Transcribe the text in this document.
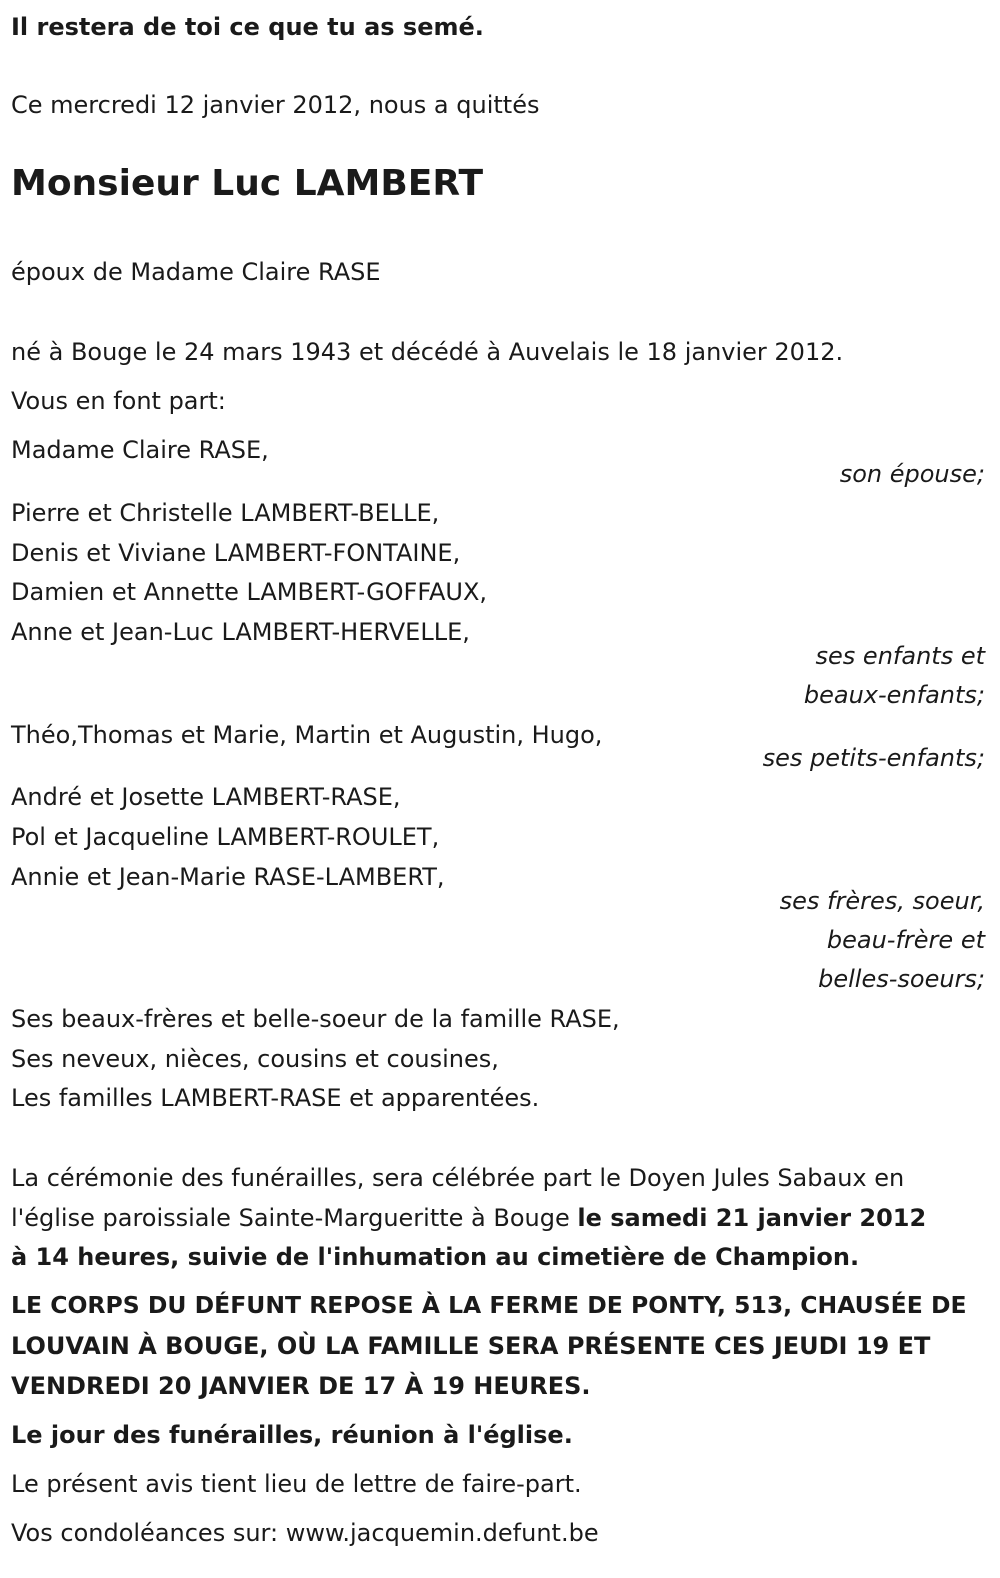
Il restera de toi ce que tu as semé.
Ce mercredi 12 janvier 2012, nous a quittés
Monsieur Luc LAMBERT
époux de Madame Claire RASE
né à Bouge le 24 mars 1943 et décédé à Auvelais le 18 janvier 2012.
Vous en font part:
Madame Claire RASE,
son épouse;
Pierre et Christelle LAMBERT-BELLE,
Denis et Viviane LAMBERT-FONTAINE,
Damien et Annette LAMBERT-GOFFAUX,
Anne et Jean-Luc LAMBERT-HERVELLE,
ses enfants et
beaux-enfants;
Théo,Thomas et Marie, Martin et Augustin, Hugo,
ses petits-enfants;
André et Josette LAMBERT-RASE,
Pol et Jacqueline LAMBERT-ROULET,
Annie et Jean-Marie RASE-LAMBERT,
ses frères, soeur,
beau-frère et
belles-soeurs;
Ses beaux-frères et belle-soeur de la famille RASE,
Ses neveux, nièces, cousins et cousines,
Les familles LAMBERT-RASE et apparentées.
La cérémonie des funérailles, sera célébrée part le Doyen Jules Sabaux en
l'église paroissiale Sainte-Margueritte à Bouge le samedi 21 janvier 2012
à 14 heures, suivie de l'inhumation au cimetière de Champion.
LE CORPS DU DÉFUNT REPOSE À LA FERME DE PONTY, 513, CHAUSÉE DE
LOUVAIN À BOUGE, OÙ LA FAMILLE SERA PRÉSENTE CES JEUDI 19 ET
VENDREDI 20 JANVIER DE 17 À 19 HEURES.
Le jour des funérailles, réunion à l'église.
Le présent avis tient lieu de lettre de faire-part.
Vos condoléances sur: www.jacquemin.defunt.be
